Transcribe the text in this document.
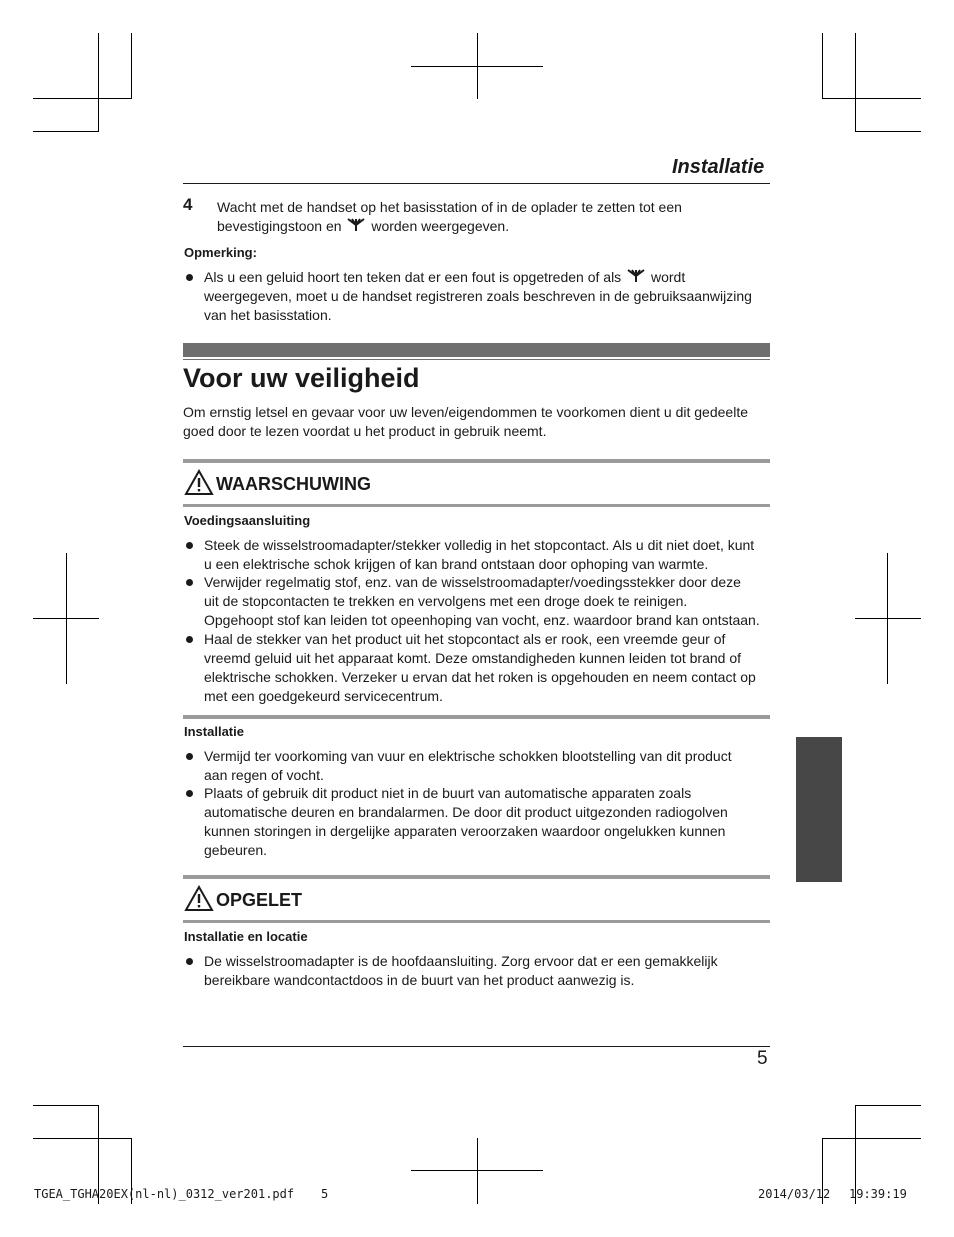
Installatie
4 Wacht met de handset op het basisstation of in de oplader te zetten tot een
bevestigingstoon en worden weergegeven.
Opmerking:
Als u een geluid hoort ten teken dat er een fout is opgetreden of als wordt
weergegeven, moet u de handset registreren zoals beschreven in de gebruiksaanwijzing
van het basisstation.
Voor uw veiligheid
Om ernstig letsel en gevaar voor uw leven/eigendommen te voorkomen dient u dit gedeelte
goed door te lezen voordat u het product in gebruik neemt.
WAARSCHUWING
Voedingsaansluiting
Steek de wisselstroomadapter/stekker volledig in het stopcontact. Als u dit niet doet, kunt
u een elektrische schok krijgen of kan brand ontstaan door ophoping van warmte.
Verwijder regelmatig stof, enz. van de wisselstroomadapter/voedingsstekker door deze
uit de stopcontacten te trekken en vervolgens met een droge doek te reinigen.
Opgehoopt stof kan leiden tot opeenhoping van vocht, enz. waardoor brand kan ontstaan.
Haal de stekker van het product uit het stopcontact als er rook, een vreemde geur of
vreemd geluid uit het apparaat komt. Deze omstandigheden kunnen leiden tot brand of
elektrische schokken. Verzeker u ervan dat het roken is opgehouden en neem contact op
met een goedgekeurd servicecentrum.
Installatie
Vermijd ter voorkoming van vuur en elektrische schokken blootstelling van dit product
aan regen of vocht.
Plaats of gebruik dit product niet in de buurt van automatische apparaten zoals
automatische deuren en brandalarmen. De door dit product uitgezonden radiogolven
kunnen storingen in dergelijke apparaten veroorzaken waardoor ongelukken kunnen
gebeuren.
OPGELET
Installatie en locatie
De wisselstroomadapter is de hoofdaansluiting. Zorg ervoor dat er een gemakkelijk
bereikbare wandcontactdoos in de buurt van het product aanwezig is.
5
TGEA_TGHA20EX(nl-nl)_0312_ver201.pdf 5	2014/03/12 19:39:19
